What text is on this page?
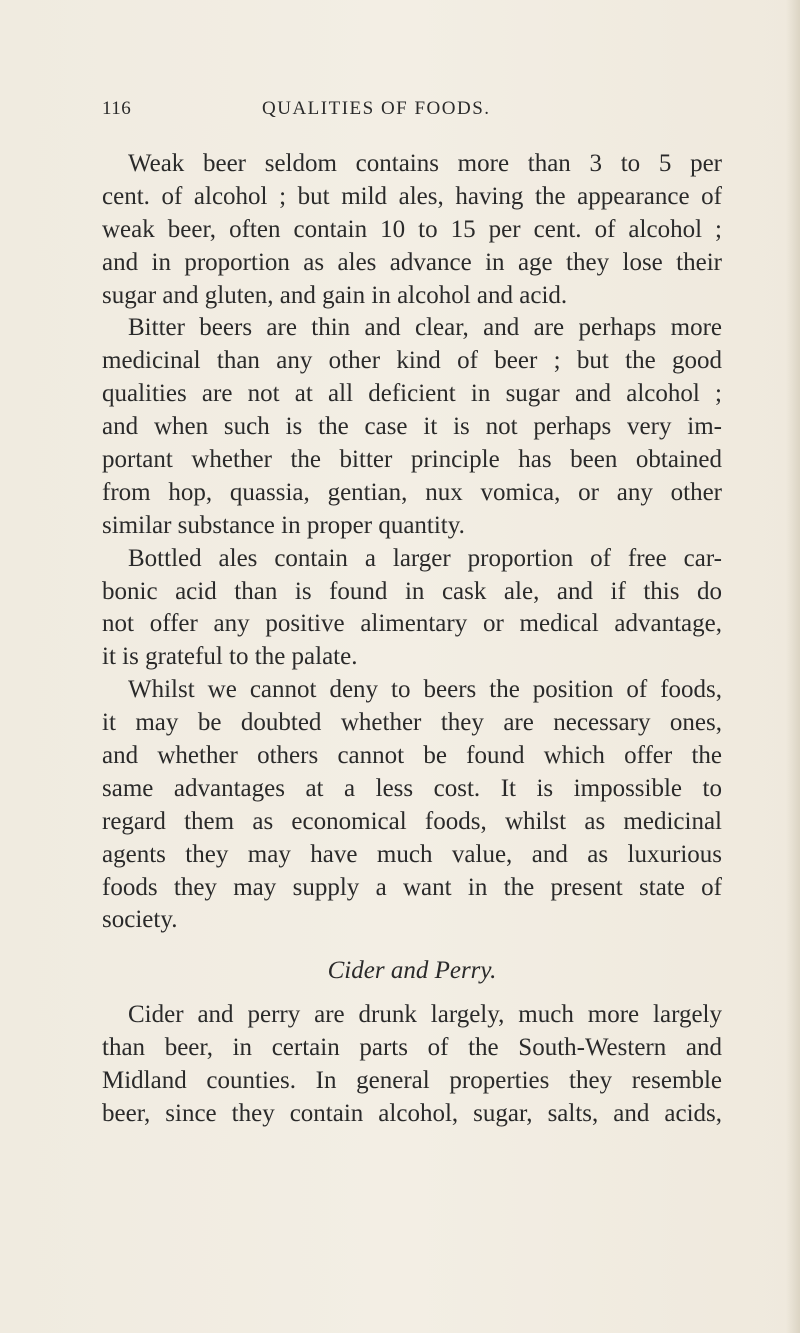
116	QUALITIES OF FOODS.
Weak beer seldom contains more than 3 to 5 per
cent. of alcohol ; but mild ales, having the appearance of
weak beer, often contain 10 to 15 per cent. of alcohol ;
and in proportion as ales advance in age they lose their
sugar and gluten, and gain in alcohol and acid.
Bitter beers are thin and clear, and are perhaps more
medicinal than any other kind of beer ; but the good
qualities are not at all deficient in sugar and alcohol ;
and when such is the case it is not perhaps very im-
portant whether the bitter principle has been obtained
from hop, quassia, gentian, nux vomica, or any other
similar substance in proper quantity.
Bottled ales contain a larger proportion of free car-
bonic acid than is found in cask ale, and if this do
not offer any positive alimentary or medical advantage,
it is grateful to the palate.
Whilst we cannot deny to beers the position of foods,
it may be doubted whether they are necessary ones,
and whether others cannot be found which offer the
same advantages at a less cost. It is impossible to
regard them as economical foods, whilst as medicinal
agents they may have much value, and as luxurious
foods they may supply a want in the present state of
society.
Cider and Perry.
Cider and perry are drunk largely, much more largely
than beer, in certain parts of the South-Western and
Midland counties. In general properties they resemble
beer, since they contain alcohol, sugar, salts, and acids,
